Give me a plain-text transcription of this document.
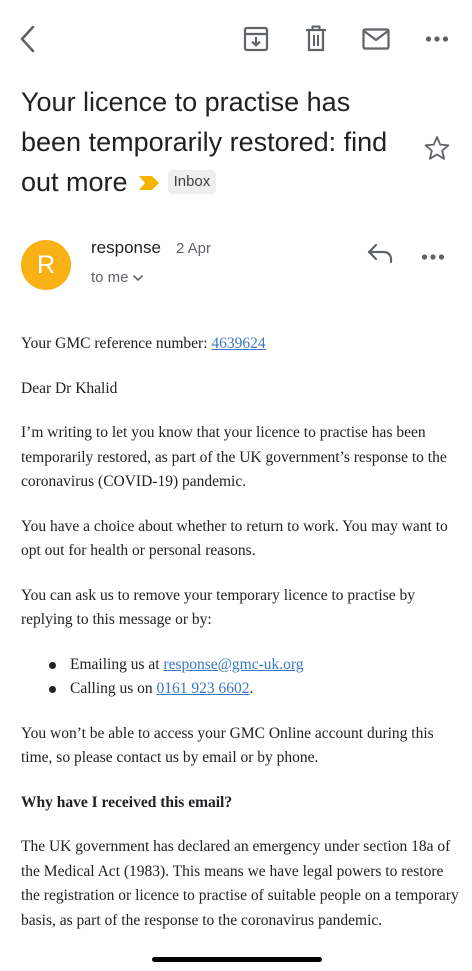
Your licence to practise has been temporarily restored: find out more	Inbox
R
response 2 Apr
to me

Your GMC reference number: 4639624

Dear Dr Khalid

I’m writing to let you know that your licence to practise has been temporarily restored, as part of the UK government’s response to the coronavirus (COVID-19) pandemic.

You have a choice about whether to return to work. You may want to opt out for health or personal reasons.

You can ask us to remove your temporary licence to practise by replying to this message or by:

Emailing us at response@gmc-uk.org
Calling us on 0161 923 6602.

You won’t be able to access your GMC Online account during this time, so please contact us by email or by phone.

Why have I received this email?

The UK government has declared an emergency under section 18a of the Medical Act (1983). This means we have legal powers to restore the registration or licence to practise of suitable people on a temporary basis, as part of the response to the coronavirus pandemic.
